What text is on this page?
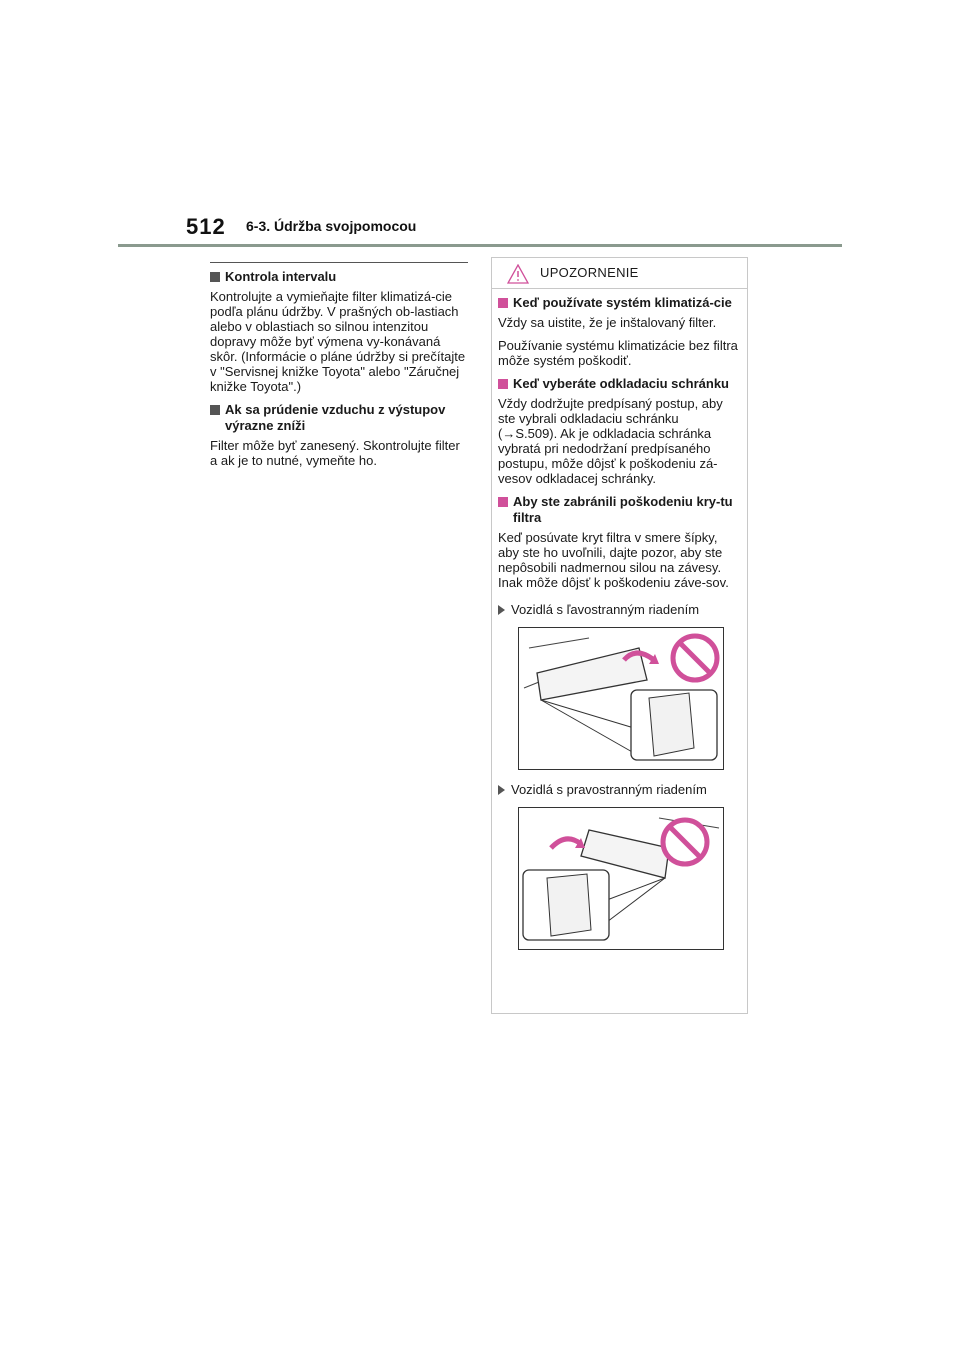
512 6-3. Údržba svojpomocou
Kontrola intervalu

Kontrolujte a vymieňajte filter klimatizá-cie podľa plánu údržby. V prašných ob-lastiach alebo v oblastiach so silnou intenzitou dopravy môže byť výmena vy-konávaná skôr. (Informácie o pláne údržby si prečítajte v "Servisnej knižke Toyota" alebo "Záručnej knižke Toyota".)

Ak sa prúdenie vzduchu z výstupov výrazne zníži

Filter môže byť zanesený. Skontrolujte filter a ak je to nutné, vymeňte ho.

UPOZORNENIE
Keď používate systém klimatizá-cie

Vždy sa uistite, že je inštalovaný filter.

Používanie systému klimatizácie bez filtra môže systém poškodiť.

Keď vyberáte odkladaciu schránku

Vždy dodržujte predpísaný postup, aby ste vybrali odkladaciu schránku (→S.509). Ak je odkladacia schránka vybratá pri nedodržaní predpísaného postupu, môže dôjsť k poškodeniu zá-vesov odkladacej schránky.

Aby ste zabránili poškodeniu kry-tu filtra

Keď posúvate kryt filtra v smere šípky, aby ste ho uvoľnili, dajte pozor, aby ste nepôsobili nadmernou silou na závesy. Inak môže dôjsť k poškodeniu záve-sov.

Vozidlá s ľavostranným riadením
Vozidlá s pravostranným riadením
